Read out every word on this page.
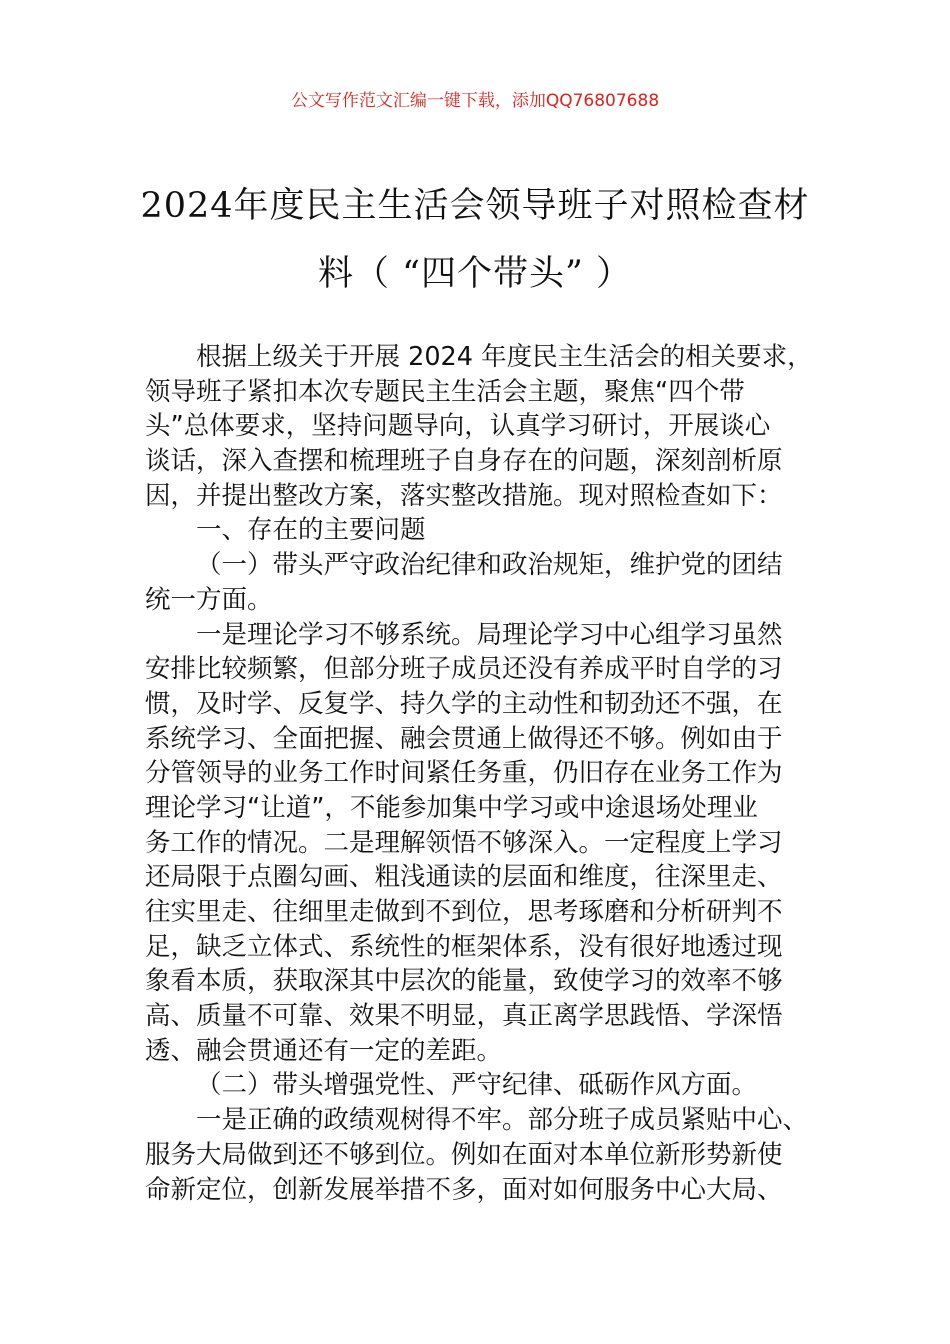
公文写作范文汇编一键下载，添加QQ76807688
2024年度民主生活会领导班子对照检查材
料（ “四个带头” ）
根据上级关于开展 2024 年度民主生活会的相关要求，
领导班子紧扣本次专题民主生活会主题，聚焦“四个带
头”总体要求，坚持问题导向，认真学习研讨，开展谈心
谈话，深入查摆和梳理班子自身存在的问题，深刻剖析原
因，并提出整改方案，落实整改措施。现对照检查如下：
一、存在的主要问题
（一）带头严守政治纪律和政治规矩，维护党的团结
统一方面。
一是理论学习不够系统。局理论学习中心组学习虽然
安排比较频繁，但部分班子成员还没有养成平时自学的习
惯，及时学、反复学、持久学的主动性和韧劲还不强，在
系统学习、全面把握、融会贯通上做得还不够。例如由于
分管领导的业务工作时间紧任务重，仍旧存在业务工作为
理论学习“让道”，不能参加集中学习或中途退场处理业
务工作的情况。二是理解领悟不够深入。一定程度上学习
还局限于点圈勾画、粗浅通读的层面和维度，往深里走、
往实里走、往细里走做到不到位，思考琢磨和分析研判不
足，缺乏立体式、系统性的框架体系，没有很好地透过现
象看本质，获取深其中层次的能量，致使学习的效率不够
高、质量不可靠、效果不明显，真正离学思践悟、学深悟
透、融会贯通还有一定的差距。
（二）带头增强党性、严守纪律、砥砺作风方面。
一是正确的政绩观树得不牢。部分班子成员紧贴中心、
服务大局做到还不够到位。例如在面对本单位新形势新使
命新定位，创新发展举措不多，面对如何服务中心大局、
